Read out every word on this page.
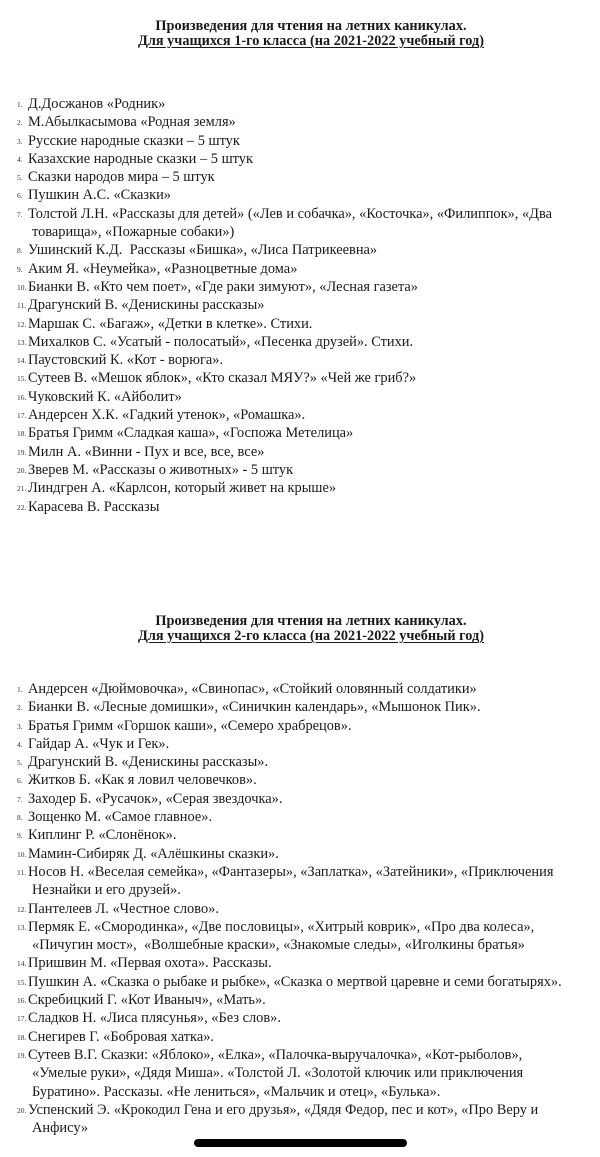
Произведения для чтения на летних каникулах.

Для учащихся 1-го класса (на 2021-2022 учебный год)

1. Д.Досжанов «Родник»
2. М.Абылкасымова «Родная земля»
3. Русские народные сказки – 5 штук
4. Казахские народные сказки – 5 штук
5. Сказки народов мира – 5 штук
6. Пушкин А.С. «Сказки»
7. Толстой Л.Н. «Рассказы для детей» («Лев и собачка», «Косточка», «Филиппок», «Два
товарища», «Пожарные собаки»)
8. Ушинский К.Д.  Рассказы «Бишка», «Лиса Патрикеевна»
9. Аким Я. «Неумейка», «Разноцветные дома»
10. Бианки В. «Кто чем поет», «Где раки зимуют», «Лесная газета»
11. Драгунский В. «Денискины рассказы»
12. Маршак С. «Багаж», «Детки в клетке». Стихи.
13. Михалков С. «Усатый - полосатый», «Песенка друзей». Стихи.
14. Паустовский К. «Кот - ворюга».
15. Сутеев В. «Мешок яблок», «Кто сказал МЯУ?» «Чей же гриб?»
16. Чуковский К. «Айболит»
17. Андерсен Х.К. «Гадкий утенок», «Ромашка».
18. Братья Гримм «Сладкая каша», «Госпожа Метелица»
19. Милн А. «Винни - Пух и все, все, все»
20. Зверев М. «Рассказы о животных» - 5 штук
21. Линдгрен А. «Карлсон, который живет на крыше»
22. Карасева В. Рассказы

Произведения для чтения на летних каникулах.

Для учащихся 2-го класса (на 2021-2022 учебный год)

1. Андерсен «Дюймовочка», «Свинопас», «Стойкий оловянный солдатики»
2. Бианки В. «Лесные домишки», «Синичкин календарь», «Мышонок Пик».
3. Братья Гримм «Горшок каши», «Семеро храбрецов».
4. Гайдар А. «Чук и Гек».
5. Драгунский В. «Денискины рассказы».
6. Житков Б. «Как я ловил человечков».
7. Заходер Б. «Русачок», «Серая звездочка».
8. Зощенко М. «Самое главное».
9. Киплинг Р. «Слонёнок».
10. Мамин-Сибиряк Д. «Алёшкины сказки».
11. Носов Н. «Веселая семейка», «Фантазеры», «Заплатка», «Затейники», «Приключения
Незнайки и его друзей».
12. Пантелеев Л. «Честное слово».
13. Пермяк Е. «Смородинка», «Две пословицы», «Хитрый коврик», «Про два колеса»,
«Пичугин мост»,  «Волшебные краски», «Знакомые следы», «Иголкины братья»
14. Пришвин М. «Первая охота». Рассказы.
15. Пушкин А. «Сказка о рыбаке и рыбке», «Сказка о мертвой царевне и семи богатырях».
16. Скребицкий Г. «Кот Иваныч», «Мать».
17. Сладков Н. «Лиса плясунья», «Без слов».
18. Снегирев Г. «Бобровая хатка».
19. Сутеев В.Г. Сказки: «Яблоко», «Елка», «Палочка-выручалочка», «Кот-рыболов»,
«Умелые руки», «Дядя Миша». «Толстой Л. «Золотой ключик или приключения
Буратино». Рассказы. «Не лениться», «Мальчик и отец», «Булька».
20. Успенский Э. «Крокодил Гена и его друзья», «Дядя Федор, пес и кот», «Про Веру и
Анфису»
